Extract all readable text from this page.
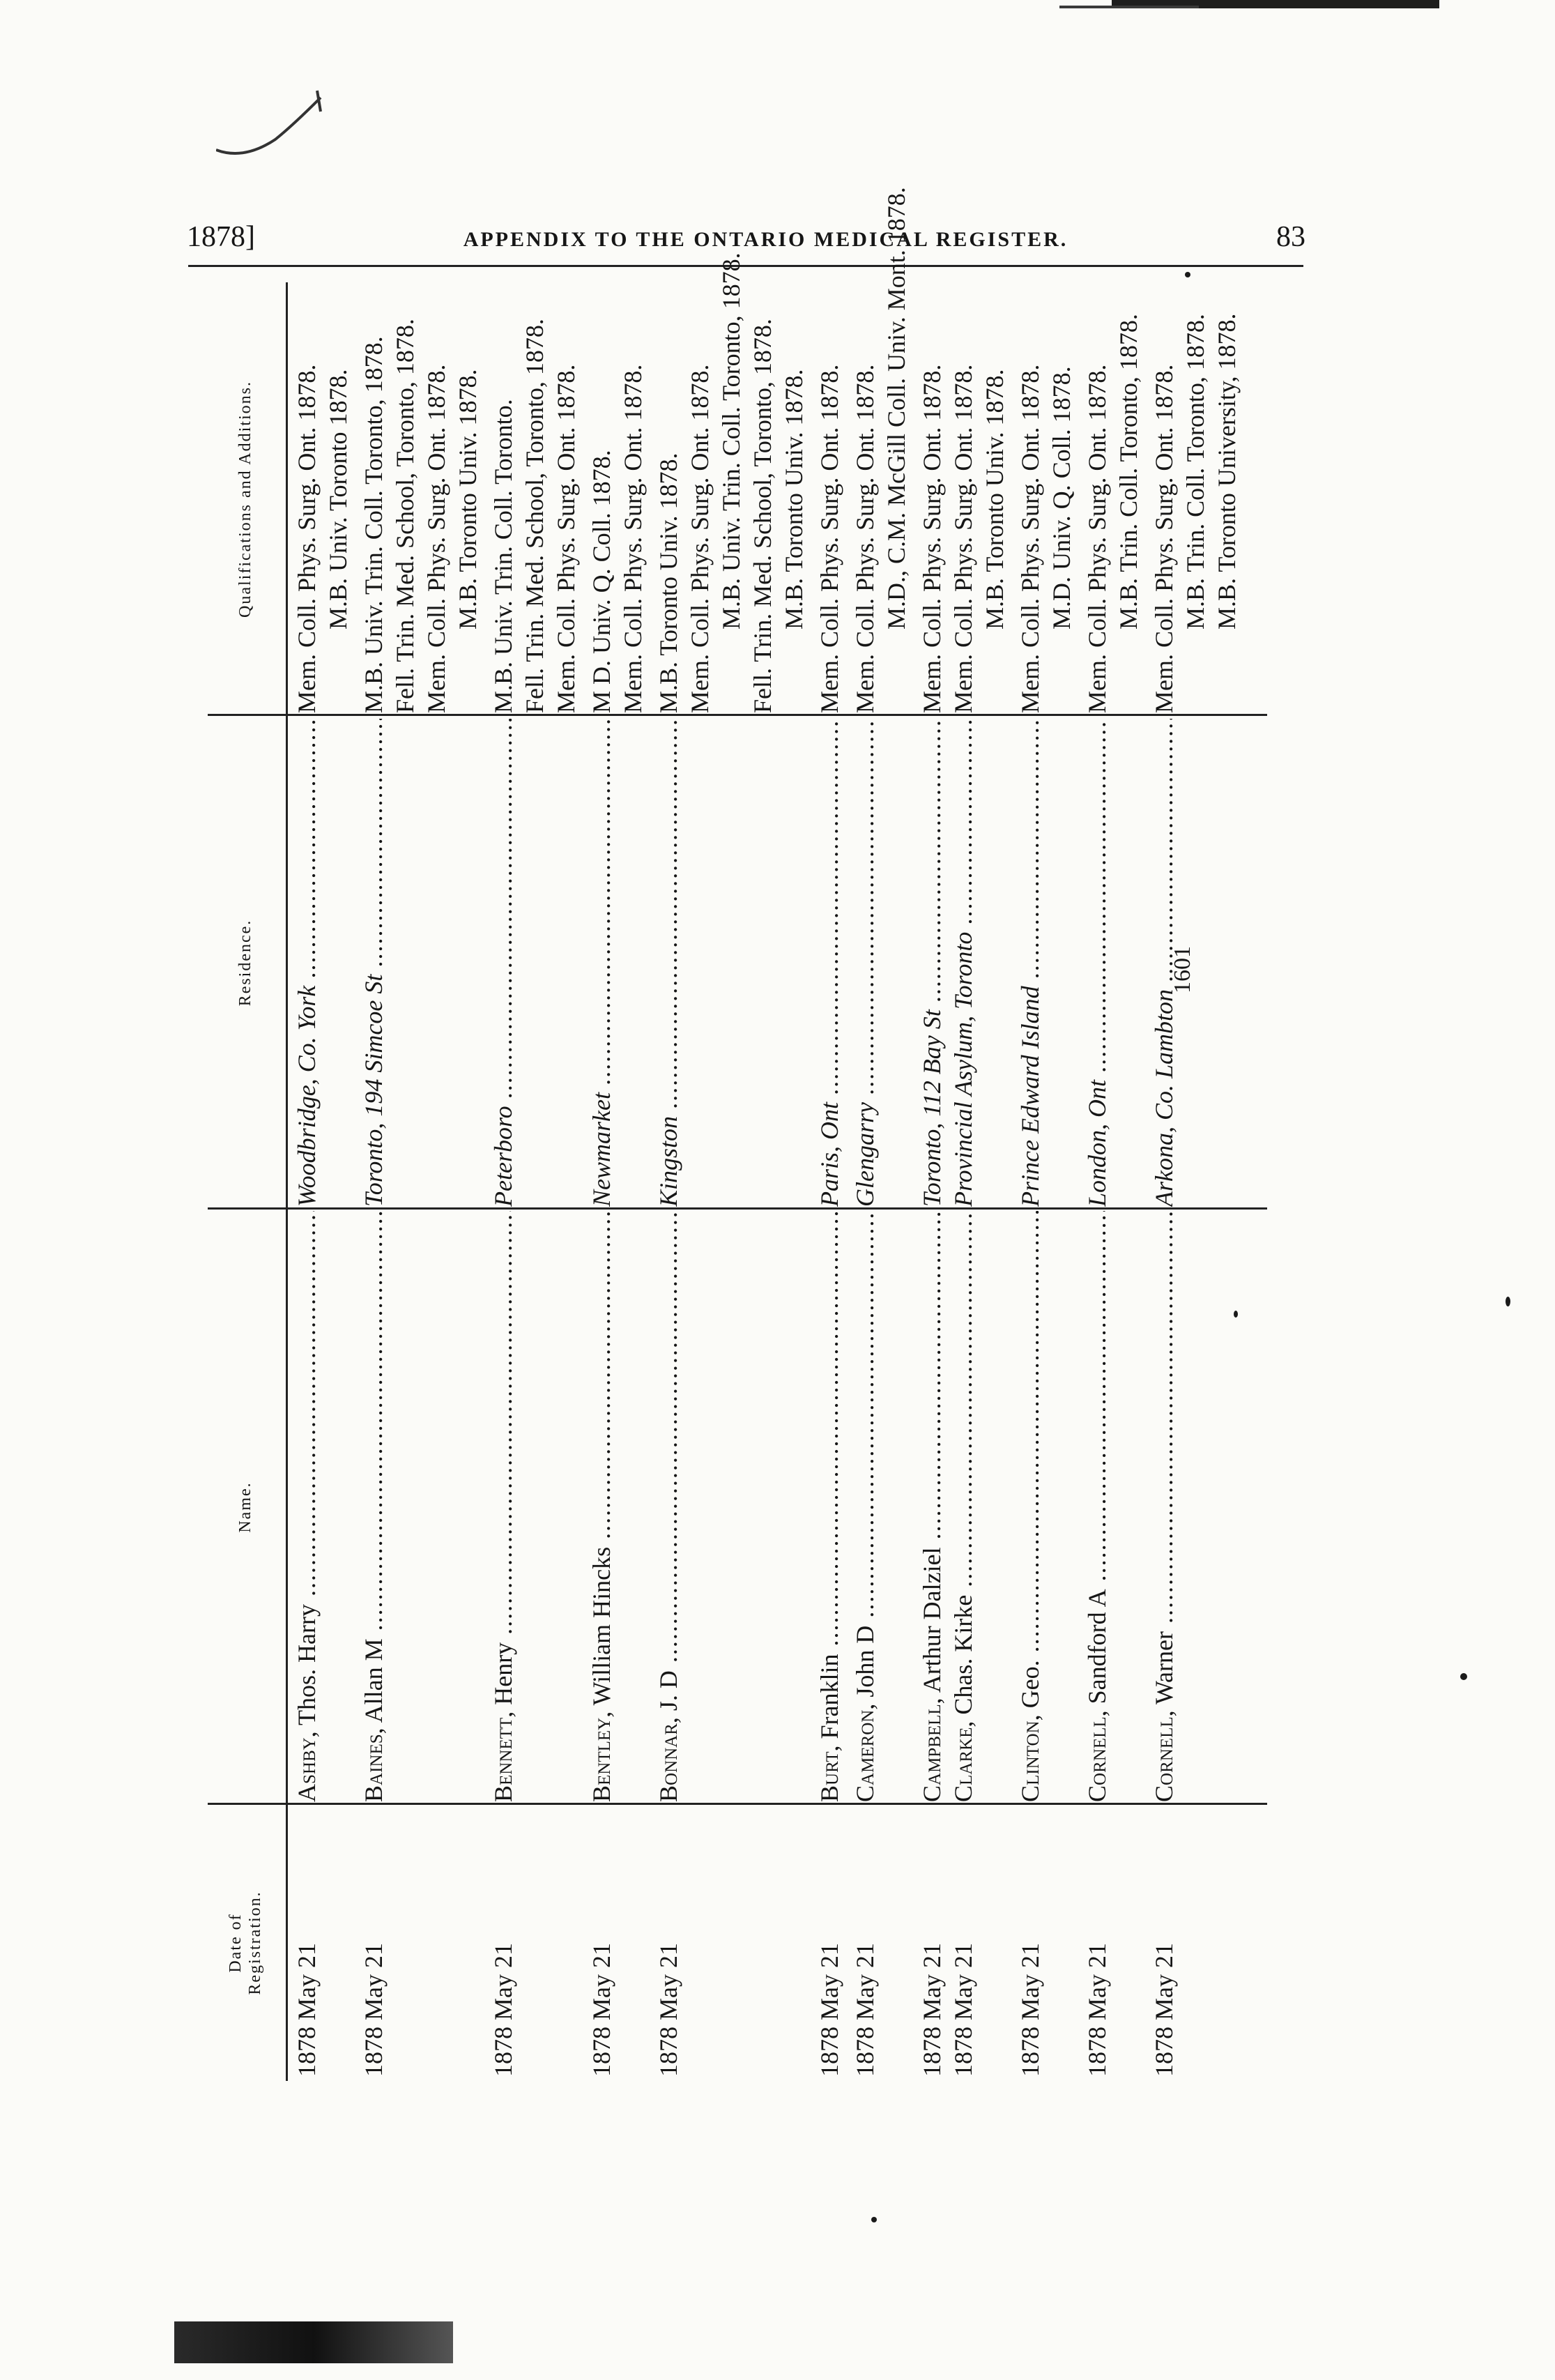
1878]	APPENDIX TO THE ONTARIO MEDICAL REGISTER.	83
Date of Registration.
Name.
Residence.
Qualifications and Additions.
1878 May 21
Ashby, Thos. Harry .....
Woodbridge, Co. York .....
Mem. Coll. Phys. Surg. Ont. 1878. M.B. Univ. Toronto 1878.
1878 May 21
Baines, Allan M .....
Toronto, 194 Simcoe St .....
M.B. Univ. Trin. Coll. Toronto, 1878. Fell. Trin. Med. School, Toronto, 1878. Mem. Coll. Phys. Surg. Ont. 1878. M.B. Toronto Univ. 1878.
1878 May 21
Bennett, Henry .....
Peterboro .....
M.B. Univ. Trin. Coll. Toronto. Fell. Trin. Med. School, Toronto, 1878. Mem. Coll. Phys. Surg. Ont. 1878.
1878 May 21
Bentley, William Hincks .....
Newmarket .....
M D. Univ. Q. Coll. 1878. Mem. Coll. Phys. Surg. Ont. 1878.
1878 May 21
Bonnar, J. D .....
Kingston .....
M.B. Toronto Univ. 1878. Mem. Coll. Phys. Surg. Ont. 1878. M.B. Univ. Trin. Coll. Toronto, 1878. Fell. Trin. Med. School, Toronto, 1878. M.B. Toronto Univ. 1878.
1878 May 21
Burt, Franklin .....
Paris, Ont .....
Mem. Coll. Phys. Surg. Ont. 1878.
1878 May 21
Cameron, John D .....
Glengarry .....
Mem. Coll. Phys. Surg. Ont. 1878. M.D., C.M. McGill Coll. Univ. Mont. 1878.
1878 May 21
Campbell, Arthur Dalziel .....
Toronto, 112 Bay St .....
Mem. Coll. Phys. Surg. Ont. 1878.
1878 May 21
Clarke, Chas. Kirke .....
Provincial Asylum, Toronto .....
Mem. Coll. Phys. Surg. Ont. 1878. M.B. Toronto Univ. 1878.
1878 May 21
Clinton, Geo. .....
Prince Edward Island .....
Mem. Coll. Phys. Surg. Ont. 1878. M.D. Univ. Q. Coll. 1878.
1878 May 21
Cornell, Sandford A .....
London, Ont .....
Mem. Coll. Phys. Surg. Ont. 1878. M.B. Trin. Coll. Toronto, 1878.
1878 May 21
Cornell, Warner .....
Arkona, Co. Lambton .....
Mem. Coll. Phys. Surg. Ont. 1878. M.B. Trin. Coll. Toronto, 1878. M.B. Toronto University, 1878.
1601
